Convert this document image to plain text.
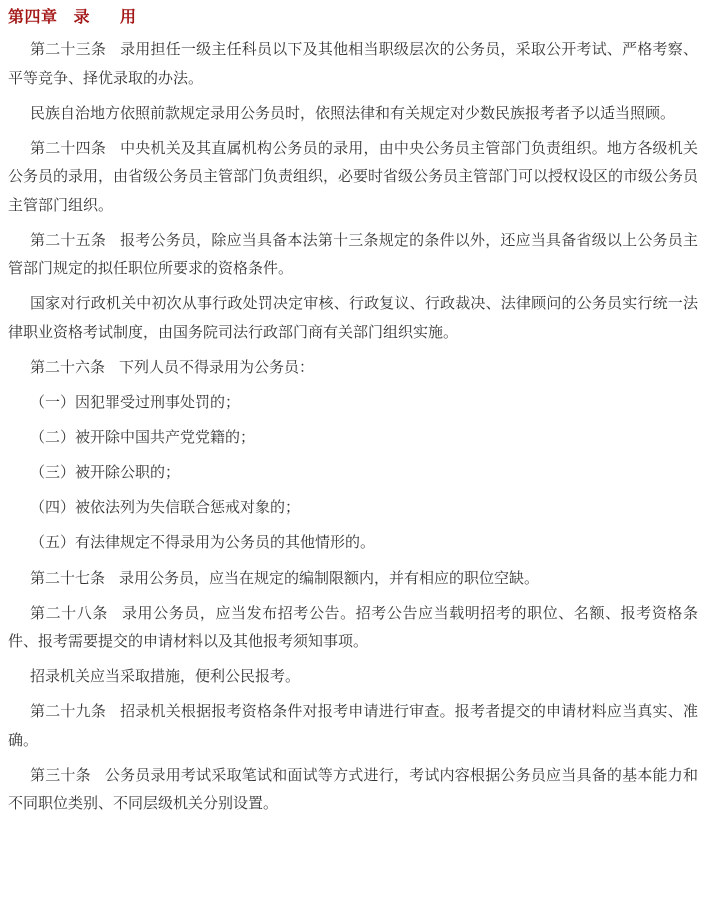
第四章 录 用

第二十三条 录用担任一级主任科员以下及其他相当职级层次的公务员，采取公开考试、严格考察、平等竞争、择优录取的办法。

民族自治地方依照前款规定录用公务员时，依照法律和有关规定对少数民族报考者予以适当照顾。

第二十四条 中央机关及其直属机构公务员的录用，由中央公务员主管部门负责组织。地方各级机关公务员的录用，由省级公务员主管部门负责组织，必要时省级公务员主管部门可以授权设区的市级公务员主管部门组织。

第二十五条 报考公务员，除应当具备本法第十三条规定的条件以外，还应当具备省级以上公务员主管部门规定的拟任职位所要求的资格条件。

国家对行政机关中初次从事行政处罚决定审核、行政复议、行政裁决、法律顾问的公务员实行统一法律职业资格考试制度，由国务院司法行政部门商有关部门组织实施。

第二十六条 下列人员不得录用为公务员：

（一）因犯罪受过刑事处罚的；

（二）被开除中国共产党党籍的；

（三）被开除公职的；

（四）被依法列为失信联合惩戒对象的；

（五）有法律规定不得录用为公务员的其他情形的。

第二十七条 录用公务员，应当在规定的编制限额内，并有相应的职位空缺。

第二十八条 录用公务员，应当发布招考公告。招考公告应当载明招考的职位、名额、报考资格条件、报考需要提交的申请材料以及其他报考须知事项。

招录机关应当采取措施，便利公民报考。

第二十九条 招录机关根据报考资格条件对报考申请进行审查。报考者提交的申请材料应当真实、准确。

第三十条 公务员录用考试采取笔试和面试等方式进行，考试内容根据公务员应当具备的基本能力和不同职位类别、不同层级机关分别设置。
